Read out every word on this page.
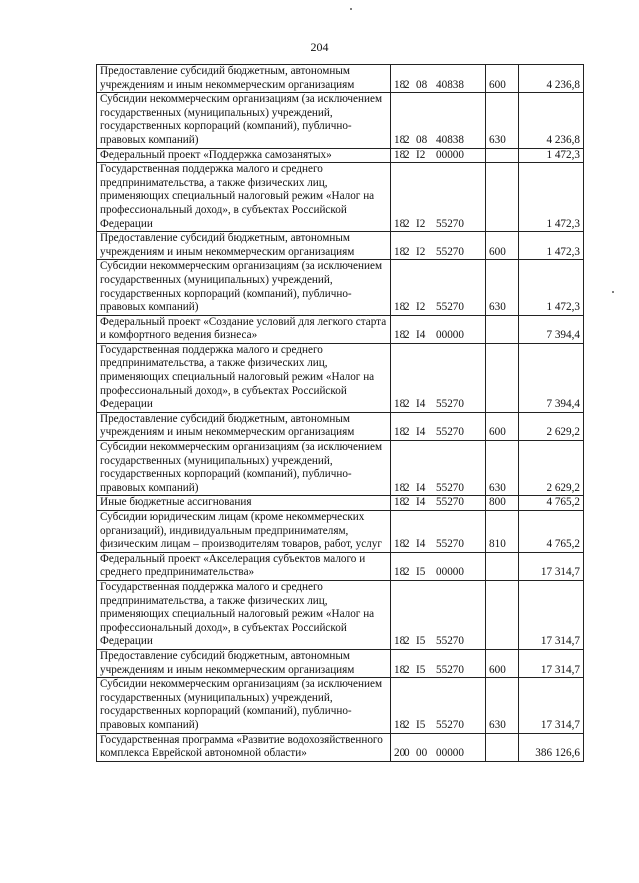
204
Предоставление субсидий бюджетным, автономным учреждениям и иным некоммерческим организациям	182 08 40838	600	4 236,8
Субсидии некоммерческим организациям (за исключением государственных (муниципальных) учреждений, государственных корпораций (компаний), публично-правовых компаний)	182 08 40838	630	4 236,8
Федеральный проект «Поддержка самозанятых»	182 I2 00000		1 472,3
Государственная поддержка малого и среднего предпринимательства, а также физических лиц, применяющих специальный налоговый режим «Налог на профессиональный доход», в субъектах Российской Федерации	182 I2 55270		1 472,3
Предоставление субсидий бюджетным, автономным учреждениям и иным некоммерческим организациям	182 I2 55270	600	1 472,3
Субсидии некоммерческим организациям (за исключением государственных (муниципальных) учреждений, государственных корпораций (компаний), публично-правовых компаний)	182 I2 55270	630	1 472,3
Федеральный проект «Создание условий для легкого старта и комфортного ведения бизнеса»	182 I4 00000		7 394,4
Государственная поддержка малого и среднего предпринимательства, а также физических лиц, применяющих специальный налоговый режим «Налог на профессиональный доход», в субъектах Российской Федерации	182 I4 55270		7 394,4
Предоставление субсидий бюджетным, автономным учреждениям и иным некоммерческим организациям	182 I4 55270	600	2 629,2
Субсидии некоммерческим организациям (за исключением государственных (муниципальных) учреждений, государственных корпораций (компаний), публично-правовых компаний)	182 I4 55270	630	2 629,2
Иные бюджетные ассигнования	182 I4 55270	800	4 765,2
Субсидии юридическим лицам (кроме некоммерческих организаций), индивидуальным предпринимателям, физическим лицам – производителям товаров, работ, услуг	182 I4 55270	810	4 765,2
Федеральный проект «Акселерация субъектов малого и среднего предпринимательства»	182 I5 00000		17 314,7
Государственная поддержка малого и среднего предпринимательства, а также физических лиц, применяющих специальный налоговый режим «Налог на профессиональный доход», в субъектах Российской Федерации	182 I5 55270		17 314,7
Предоставление субсидий бюджетным, автономным учреждениям и иным некоммерческим организациям	182 I5 55270	600	17 314,7
Субсидии некоммерческим организациям (за исключением государственных (муниципальных) учреждений, государственных корпораций (компаний), публично-правовых компаний)	182 I5 55270	630	17 314,7
Государственная программа «Развитие водохозяйственного комплекса Еврейской автономной области»	200 00 00000		386 126,6
